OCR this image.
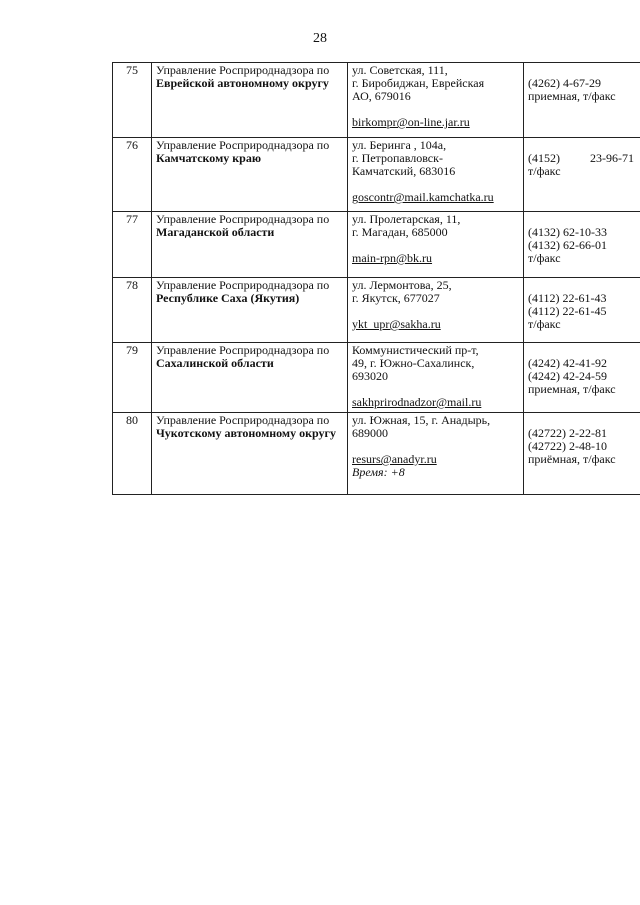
28
75	Управление Росприроднадзора по Еврейской автономному округу	ул. Советская, 111,
г. Биробиджан, Еврейская
АО, 679016
birkompr@on-line.jar.ru	(4262) 4-67-29
приемная, т/факс

76	Управление Росприроднадзора по Камчатскому краю	ул. Беринга , 104а,
г. Петропавловск-
Камчатский, 683016
goscontr@mail.kamchatka.ru	(4152)          23-96-71
т/факс

77	Управление Росприроднадзора по Магаданской области	ул. Пролетарская, 11,
г. Магадан, 685000
main-rpn@bk.ru	(4132) 62-10-33
(4132) 62-66-01
т/факс

78	Управление Росприроднадзора по Республике Саха (Якутия)	ул. Лермонтова, 25,
г. Якутск, 677027
ykt_upr@sakha.ru	(4112) 22-61-43
(4112) 22-61-45
т/факс

79	Управление Росприроднадзора по Сахалинской области	Коммунистический пр-т,
49, г. Южно-Сахалинск,
693020
sakhprirodnadzor@mail.ru	(4242) 42-41-92
(4242) 42-24-59
приемная, т/факс

80	Управление Росприроднадзора по Чукотскому автономному округу	ул. Южная, 15, г. Анадырь,
689000
resurs@anadyr.ru
Время: +8	(42722) 2-22-81
(42722) 2-48-10
приёмная, т/факс
